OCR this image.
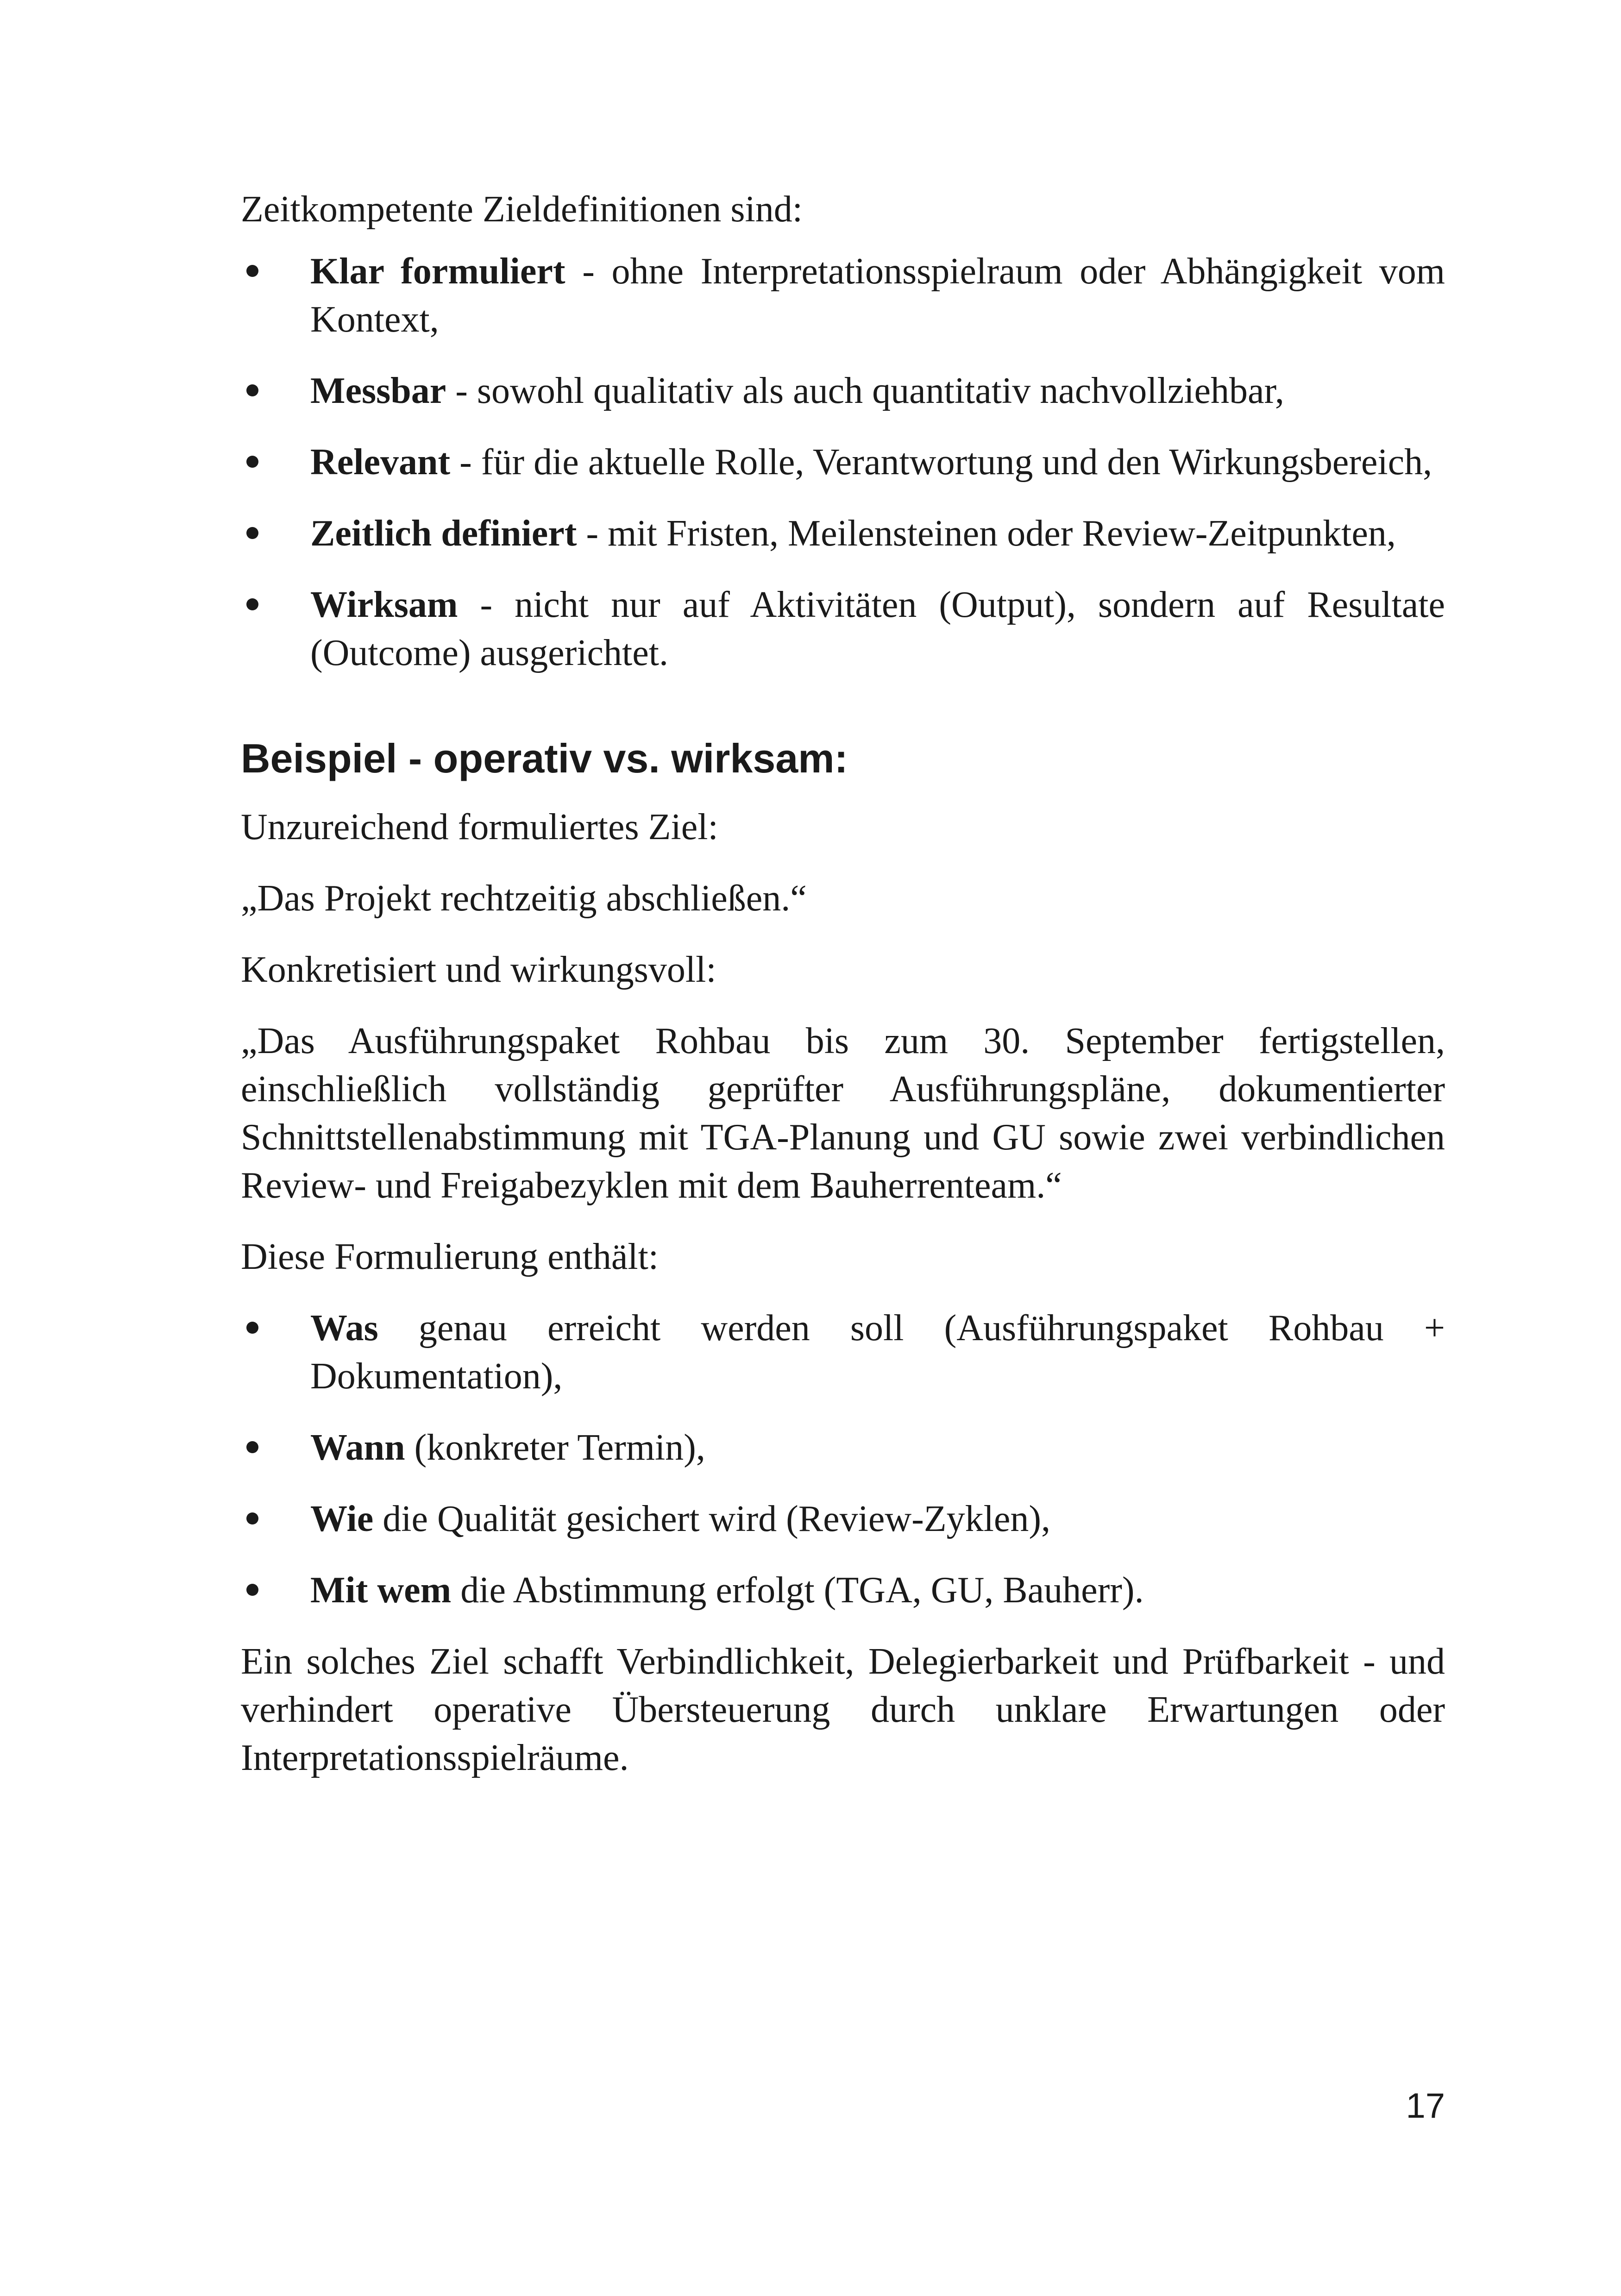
Zeitkompetente Zieldefinitionen sind:

Klar formuliert - ohne Interpretationsspielraum oder Abhängigkeit vom Kontext,
Messbar - sowohl qualitativ als auch quantitativ nachvollziehbar,
Relevant - für die aktuelle Rolle, Verantwortung und den Wirkungsbereich,
Zeitlich definiert - mit Fristen, Meilensteinen oder Review-Zeitpunkten,
Wirksam - nicht nur auf Aktivitäten (Output), sondern auf Resultate (Outcome) ausgerichtet.
Beispiel - operativ vs. wirksam:

Unzureichend formuliertes Ziel:

„Das Projekt rechtzeitig abschließen.“

Konkretisiert und wirkungsvoll:

„Das Ausführungspaket Rohbau bis zum 30. September fertigstellen, einschließlich vollständig geprüfter Ausführungspläne, dokumentierter Schnittstellenabstimmung mit TGA-Planung und GU sowie zwei verbindlichen Review- und Freigabezyklen mit dem Bauherrenteam.“

Diese Formulierung enthält:

Was genau erreicht werden soll (Ausführungspaket Rohbau + Dokumentation),
Wann (konkreter Termin),
Wie die Qualität gesichert wird (Review-Zyklen),
Mit wem die Abstimmung erfolgt (TGA, GU, Bauherr).

Ein solches Ziel schafft Verbindlichkeit, Delegierbarkeit und Prüfbarkeit - und verhindert operative Übersteuerung durch unklare Erwartungen oder Interpretationsspielräume.

17
